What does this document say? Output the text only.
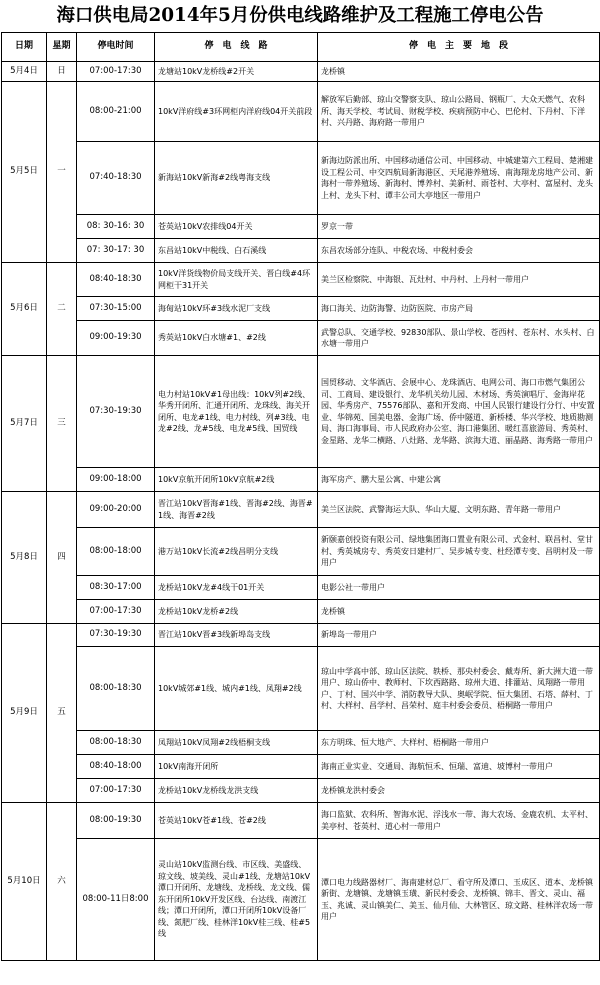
海口供电局2014年5月份供电线路维护及工程施工停电公告
日期	星期	停电时间	停　电　线　路	停　电　主　要　地　段
5月4日	日	07:00-17:30	龙塘站10kV龙桥线#2开关	龙桥镇
5月5日	一	08:00-21:00	10kV洋府线#3环网柜内洋府线04开关前段	解放军后勤部、琼山交警察支队、琼山公路局、钢瓶厂、大众天燃气、农科所、海天学校、考试局、财税学校、疾病预防中心、巴伦村、下丹村、下洋村、兴丹路、海府路一带用户
		07:40-18:30	新海站10kV新海#2线粤海支线	新海边防派出所、中国移动通信公司、中国移动、中城建第六工程局、楚湘建设工程公司、中交四航局新海港区、天尾港养殖场、南海翔龙房地产公司、新海村一带养殖场、新海村、博养村、美新村、雨苍村、大亭村、富屋村、龙头上村、龙头下村、谭丰公司大亭地区一带用户
		08: 30-16: 30	苍英站10kV农排线04开关	罗京一带
		07: 30-17: 30	东昌站10kV中税线、白石溪线	东昌农场部分连队、中税农场、中税村委会
5月6日	二	08:40-18:30	10kV洋货线物价局支线开关、晋白线#4环网柜干31开关	美兰区检察院、中海银、瓦灶村、中丹村、上丹村一带用户
		07:30-15:00	海甸站10kV环#3线水泥厂支线	海口海关、边防海警、边防医院、市房产局
		09:00-19:30	秀英站10kV白水塘#1、#2线	武警总队、交通学校、92830部队、景山学校、苍西村、苍东村、水头村、白水塘一带用户
5月7日	三	07:30-19:30	电力村站10kV#1母出线：10kV列#2线、华秀开闭所、汇通开闭所、龙珠线、海关开闭所、电龙#1线、电力村线、列#3线、电龙#2线、龙#5线、电龙#5线、国贸线	国贸移动、文华酒店、会展中心、龙珠酒店、电网公司、海口市燃气集团公司、工商局、建设银行、龙华机关幼儿园、木材场、秀英演唱厅、金海岸花园、华秀房产、75576部队、嘉和开发商、中国人民银行建设行分行、中安置业、华锦苑、国美电器、金海广场、侨中隧道、新桥楼、华兴学校、地质勘测局、海口海事局、市人民政府办公室、海口港集团、暖红喜旅游局、秀英村、金星路、龙华二横路、八灶路、龙华路、滨海大道、丽晶路、海秀路一带用户
		09:00-18:00	10kV京航开闭所10kV京航#2线	海军房产、鹏大星公寓、中建公寓
5月8日	四	09:00-20:00	晋江站10kV晋海#1线、晋海#2线、海晋#1线、海晋#2线	美兰区法院、武警海运大队、华山大厦、文明东路、青年路一带用户
		08:00-18:00	港万站10kV长流#2线昌明分支线	新颐嘉创投资有限公司、绿地集团海口置业有限公司、式金村、联昌村、堂甘村、秀英城房专、秀英安日建村厂、吴步城专变、杜经潭专变、昌明村及一带用户
		08:30-17:00	龙桥站10kV龙#4线干01开关	电影公社一带用户
		07:00-17:30	龙桥站10kV龙桥#2线	龙桥镇
5月9日	五	07:30-19:30	晋江站10kV晋#3线新埠岛支线	新埠岛一带用户
		08:00-18:30	10kV城郊#1线、城内#1线、凤翔#2线	琼山中学高中部、琼山区法院、轶桥、那央村委会、戴寿所、新大洲大道一带用户、琼山侨中、教师村、下坎西路路、琼州大道、排灌站、凤翔路一带用户、丁村、国兴中学、消防教导大队、奥岷学院、恒大集团、石塔、薛村、丁村、大样村、昌学村、昌荣村、庭丰村委会委员、梧桐路一带用户
		08:00-18:30	凤翔站10kV凤翔#2线梧桐支线	东方明珠、恒大地产、大样村、梧桐路一带用户
		08:40-18:00	10kV南海开闭所	海南正业实业、交通局、海航恒禾、恒瑞、富迪、坡博村一带用户
		07:00-17:30	龙桥站10kV龙桥线龙洪支线	龙桥镇龙洪村委会
5月10日	六	08:00-19:30	苍英站10kV苍#1线、苍#2线	海口监狱、农科所、智海水泥、浮浅水一带、海大农场、金鹿农机、太平村、美亭村、苍英村、道心村一带用户
		08:00-11日8:00	灵山站10kV监测台线、市区线、美盛线、琼文线、坡美线、灵山#1线、龙塘站10kV潭口开闭所、龙塘线、龙桥线、龙文线、儒东开闭所10kV开发区线、台达线、南渡江线；潭口开闭所，潭口开闭所10kV设备厂线、氮肥厂线、桂林洋10kV桂三线、桂#5线	潭口电力线路器材厂、海南建材总厂、看守所及潭口、玉成区、道本、龙桥镇新街、龙塘镇、龙塘镇玉璜、新民村委会、龙桥镇、锦丰、晋文、灵山、福玉、兆诚、灵山镇美仁、美玉、仙月仙、大林管区、琼文路、桂林洋农场一带用户
